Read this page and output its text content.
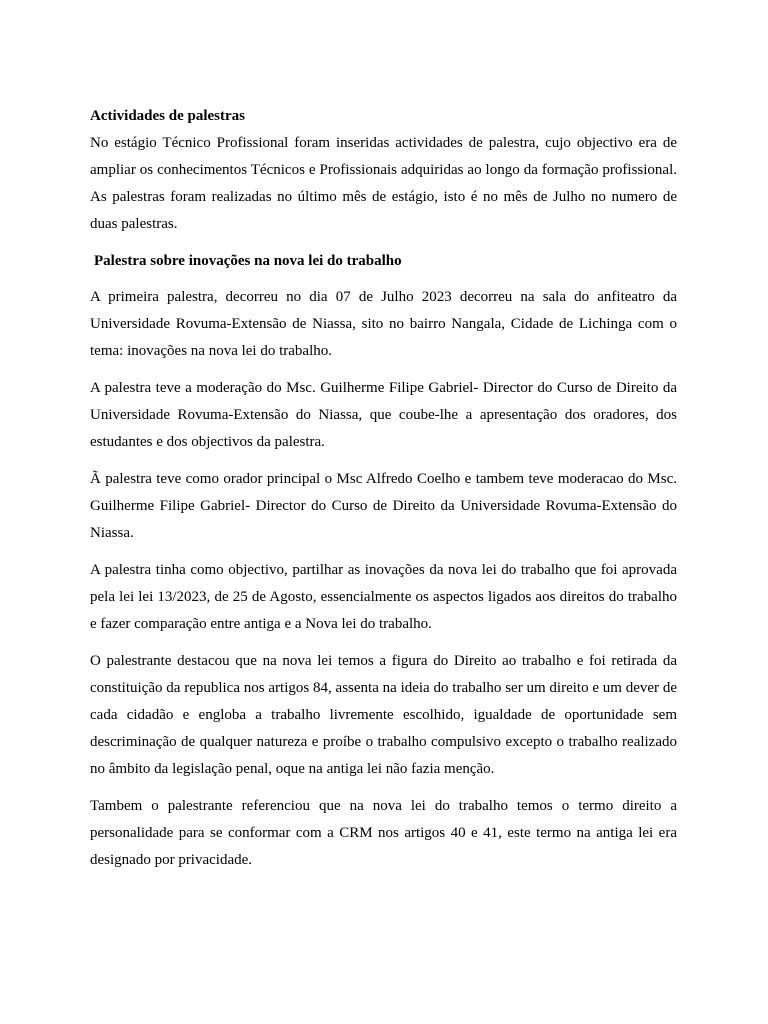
Actividades de palestras

No estágio Técnico Profissional foram inseridas actividades de palestra, cujo objectivo era de ampliar os conhecimentos Técnicos e Profissionais adquiridas ao longo da formação profissional. As palestras foram realizadas no último mês de estágio, isto é no mês de Julho no numero de duas palestras.

Palestra sobre inovações na nova lei do trabalho

A primeira palestra, decorreu no dia 07 de Julho 2023 decorreu na sala do anfiteatro da Universidade Rovuma-Extensão de Niassa, sito no bairro Nangala, Cidade de Lichinga com o tema: inovações na nova lei do trabalho.

A palestra teve a moderação do Msc. Guilherme Filipe Gabriel- Director do Curso de Direito da Universidade Rovuma-Extensão do Niassa, que coube-lhe a apresentação dos oradores, dos estudantes e dos objectivos da palestra.

Ã palestra teve como orador principal o Msc Alfredo Coelho e tambem teve moderacao do Msc. Guilherme Filipe Gabriel- Director do Curso de Direito da Universidade Rovuma-Extensão do Niassa.

A palestra tinha como objectivo, partilhar as inovações da nova lei do trabalho que foi aprovada pela lei lei 13/2023, de 25 de Agosto, essencialmente os aspectos ligados aos direitos do trabalho e fazer comparação entre antiga e a Nova lei do trabalho.

O palestrante destacou que na nova lei temos a figura do Direito ao trabalho e foi retirada da constituição da republica nos artigos 84, assenta na ideia do trabalho ser um direito e um dever de cada cidadão e engloba a trabalho livremente escolhido, igualdade de oportunidade sem descriminação de qualquer natureza e proíbe o trabalho compulsivo excepto o trabalho realizado no âmbito da legislação penal, oque na antiga lei não fazia menção.

Tambem o palestrante referenciou que na nova lei do trabalho temos o termo direito a personalidade para se conformar com a CRM nos artigos 40 e 41, este termo na antiga lei era designado por privacidade.
